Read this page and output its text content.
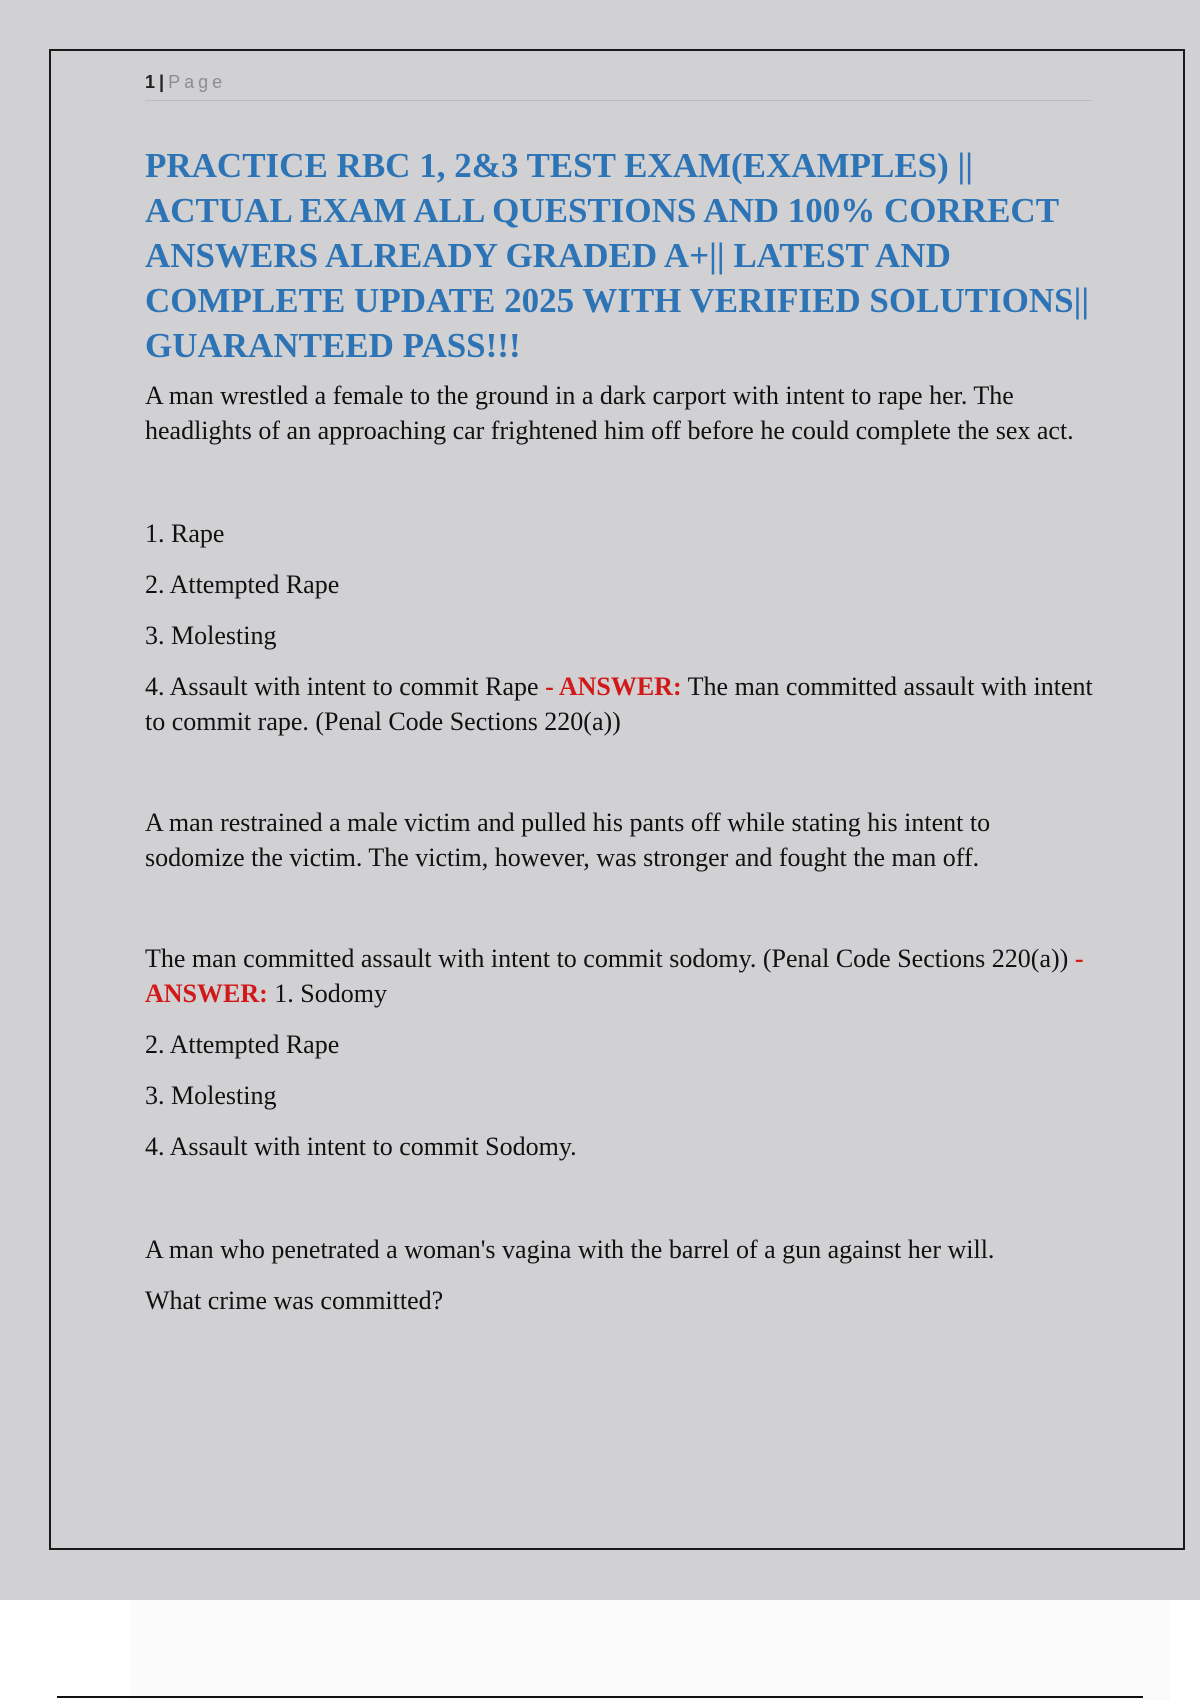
1 | Page
PRACTICE RBC 1, 2&3 TEST EXAM(EXAMPLES) || ACTUAL EXAM ALL QUESTIONS AND 100% CORRECT ANSWERS ALREADY GRADED A+|| LATEST AND COMPLETE UPDATE 2025 WITH VERIFIED SOLUTIONS|| GUARANTEED PASS!!!

A man wrestled a female to the ground in a dark carport with intent to rape her. The headlights of an approaching car frightened him off before he could complete the sex act.

1. Rape

2. Attempted Rape

3. Molesting

4. Assault with intent to commit Rape - ANSWER: The man committed assault with intent to commit rape. (Penal Code Sections 220(a))

A man restrained a male victim and pulled his pants off while stating his intent to sodomize the victim. The victim, however, was stronger and fought the man off.

The man committed assault with intent to commit sodomy. (Penal Code Sections 220(a)) - ANSWER: 1. Sodomy

2. Attempted Rape

3. Molesting

4. Assault with intent to commit Sodomy.

A man who penetrated a woman's vagina with the barrel of a gun against her will.

What crime was committed?
